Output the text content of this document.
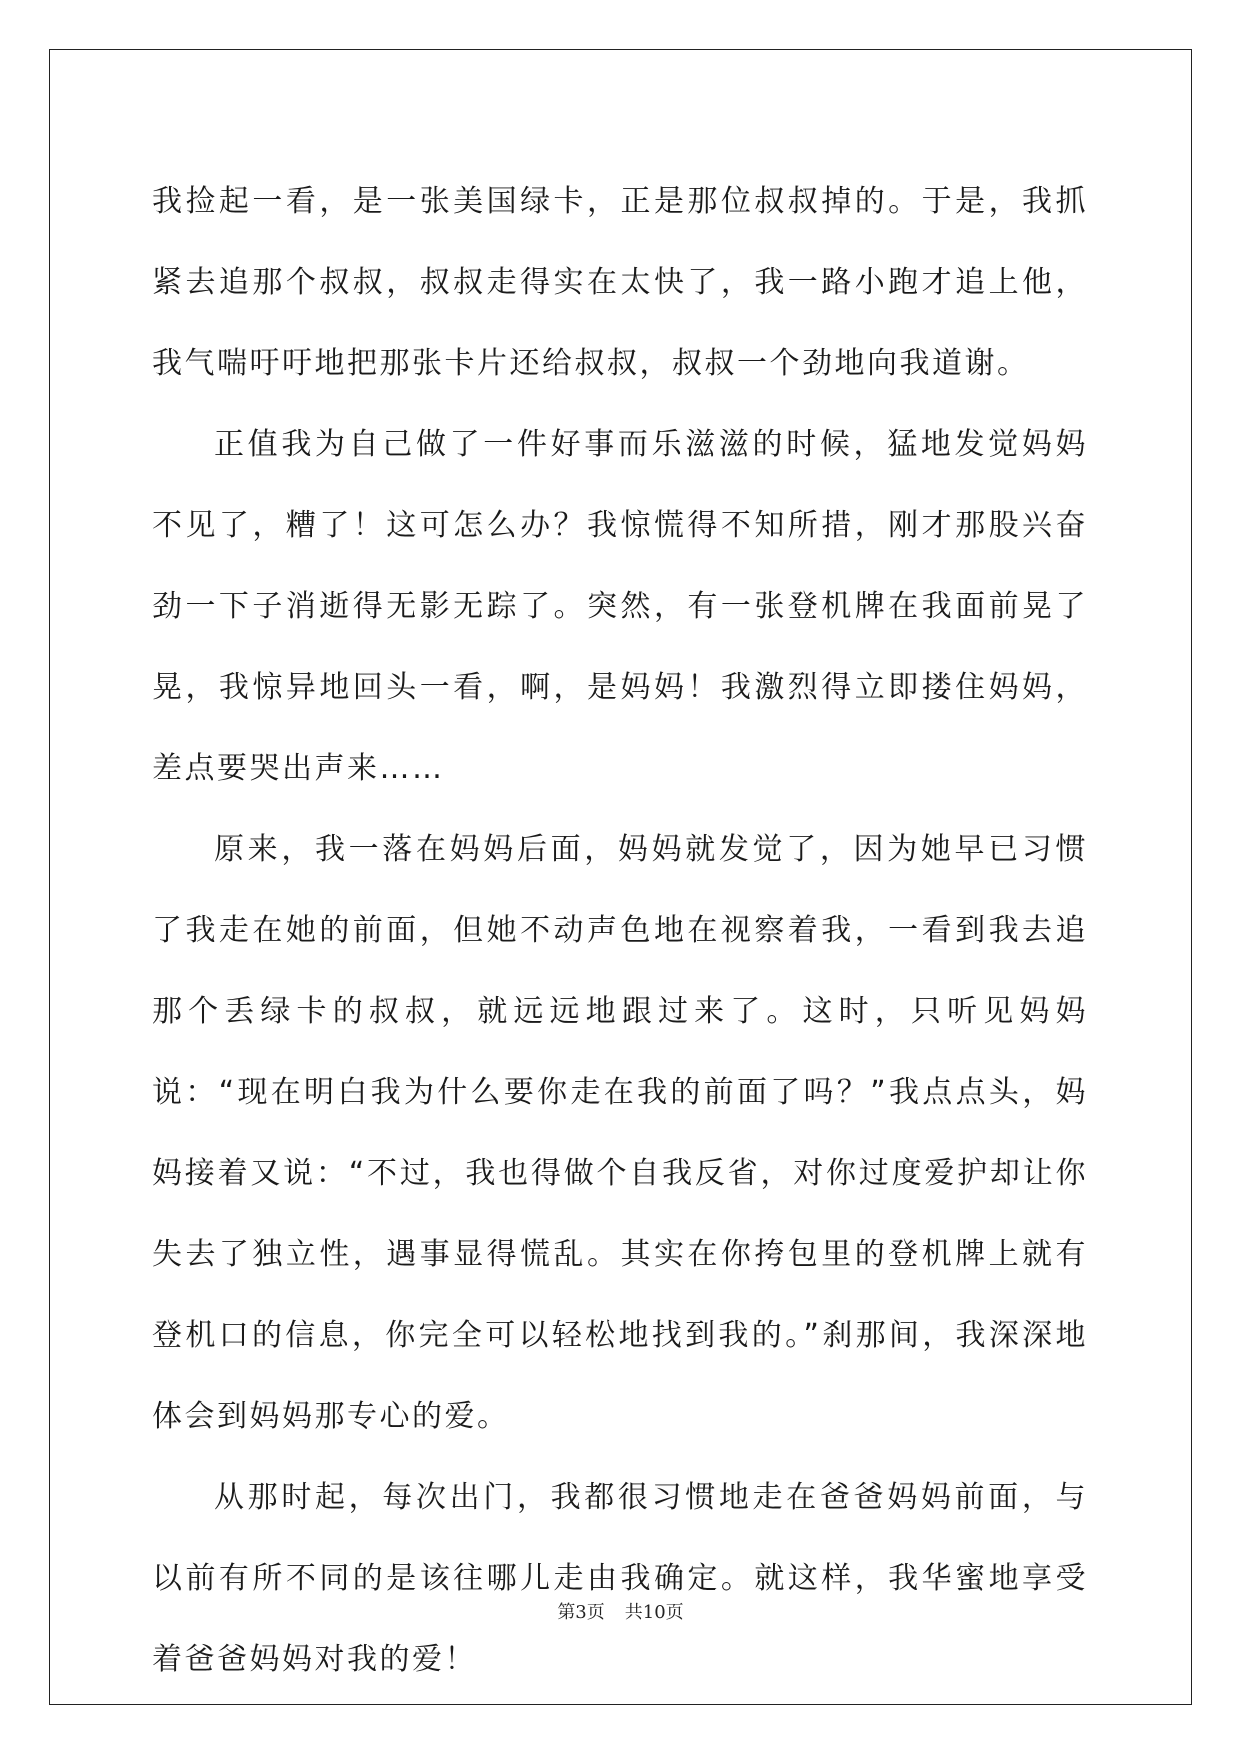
我捡起一看，是一张美国绿卡，正是那位叔叔掉的。于是，我抓紧去追那个叔叔，叔叔走得实在太快了，我一路小跑才追上他，我气喘吁吁地把那张卡片还给叔叔，叔叔一个劲地向我道谢。

正值我为自己做了一件好事而乐滋滋的时候，猛地发觉妈妈不见了，糟了！这可怎么办？我惊慌得不知所措，刚才那股兴奋劲一下子消逝得无影无踪了。突然，有一张登机牌在我面前晃了晃，我惊异地回头一看，啊，是妈妈！我激烈得立即搂住妈妈，差点要哭出声来……

原来，我一落在妈妈后面，妈妈就发觉了，因为她早已习惯了我走在她的前面，但她不动声色地在视察着我，一看到我去追那个丢绿卡的叔叔，就远远地跟过来了。这时，只听见妈妈说：“现在明白我为什么要你走在我的前面了吗？”我点点头，妈妈接着又说：“不过，我也得做个自我反省，对你过度爱护却让你失去了独立性，遇事显得慌乱。其实在你挎包里的登机牌上就有登机口的信息，你完全可以轻松地找到我的。”刹那间，我深深地体会到妈妈那专心的爱。

从那时起，每次出门，我都很习惯地走在爸爸妈妈前面，与以前有所不同的是该往哪儿走由我确定。就这样，我华蜜地享受着爸爸妈妈对我的爱！

第3页 共10页
